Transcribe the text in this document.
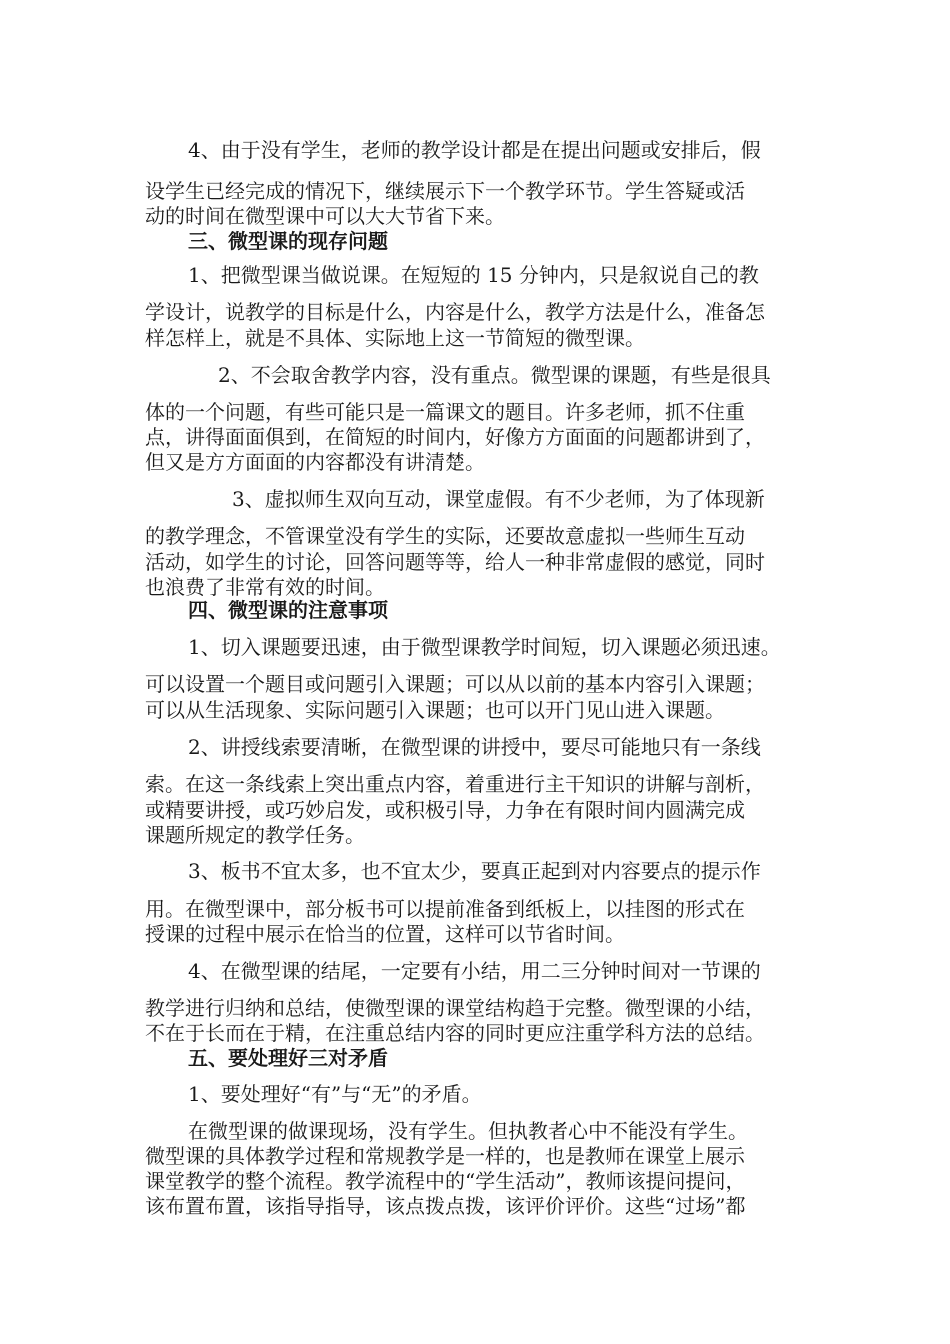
4、由于没有学生，老师的教学设计都是在提出问题或安排后，假
设学生已经完成的情况下，继续展示下一个教学环节。学生答疑或活
动的时间在微型课中可以大大节省下来。
三、微型课的现存问题
1、把微型课当做说课。在短短的 15 分钟内，只是叙说自己的教
学设计，说教学的目标是什么，内容是什么，教学方法是什么，准备怎
样怎样上，就是不具体、实际地上这一节简短的微型课。
2、不会取舍教学内容，没有重点。微型课的课题，有些是很具
体的一个问题，有些可能只是一篇课文的题目。许多老师，抓不住重
点，讲得面面俱到，在简短的时间内，好像方方面面的问题都讲到了，
但又是方方面面的内容都没有讲清楚。
3、虚拟师生双向互动，课堂虚假。有不少老师，为了体现新
的教学理念，不管课堂没有学生的实际，还要故意虚拟一些师生互动
活动，如学生的讨论，回答问题等等，给人一种非常虚假的感觉，同时
也浪费了非常有效的时间。
四、微型课的注意事项
1、切入课题要迅速，由于微型课教学时间短，切入课题必须迅速。
可以设置一个题目或问题引入课题；可以从以前的基本内容引入课题；
可以从生活现象、实际问题引入课题；也可以开门见山进入课题。
2、讲授线索要清晰，在微型课的讲授中，要尽可能地只有一条线
索。在这一条线索上突出重点内容，着重进行主干知识的讲解与剖析，
或精要讲授，或巧妙启发，或积极引导，力争在有限时间内圆满完成
课题所规定的教学任务。
3、板书不宜太多，也不宜太少，要真正起到对内容要点的提示作
用。在微型课中，部分板书可以提前准备到纸板上，以挂图的形式在
授课的过程中展示在恰当的位置，这样可以节省时间。
4、在微型课的结尾，一定要有小结，用二三分钟时间对一节课的
教学进行归纳和总结，使微型课的课堂结构趋于完整。微型课的小结，
不在于长而在于精，在注重总结内容的同时更应注重学科方法的总结。
五、要处理好三对矛盾
1、要处理好“有”与“无”的矛盾。
在微型课的做课现场，没有学生。但执教者心中不能没有学生。
微型课的具体教学过程和常规教学是一样的，也是教师在课堂上展示
课堂教学的整个流程。教学流程中的“学生活动”，教师该提问提问，
该布置布置，该指导指导，该点拨点拨，该评价评价。这些“过场”都
